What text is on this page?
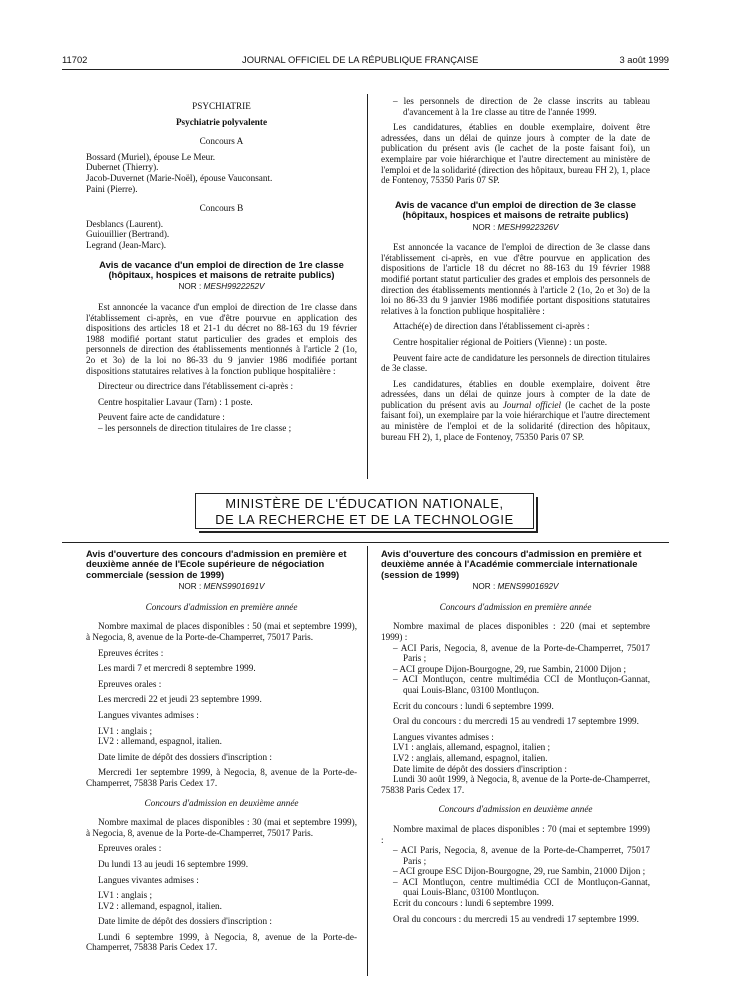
11702	JOURNAL OFFICIEL DE LA RÉPUBLIQUE FRANÇAISE	3 août 1999

PSYCHIATRIE

Psychiatrie polyvalente

Concours A

Bossard (Muriel), épouse Le Meur.

Dubernet (Thierry).

Jacob-Duvernet (Marie-Noël), épouse Vauconsant.

Paini (Pierre).

Concours B

Desblancs (Laurent).

Guiouillier (Bertrand).

Legrand (Jean-Marc).

Avis de vacance d'un emploi de direction de 1re classe (hôpitaux, hospices et maisons de retraite publics)

NOR : MESH9922252V

Est annoncée la vacance d'un emploi de direction de 1re classe dans l'établissement ci-après, en vue d'être pourvue en application des dispositions des articles 18 et 21-1 du décret no 88-163 du 19 février 1988 modifié portant statut particulier des grades et emplois des personnels de direction des établissements mentionnés à l'article 2 (1o, 2o et 3o) de la loi no 86-33 du 9 janvier 1986 modifiée portant dispositions statutaires relatives à la fonction publique hospitalière :

Directeur ou directrice dans l'établissement ci-après :

Centre hospitalier Lavaur (Tarn) : 1 poste.

Peuvent faire acte de candidature :

– les personnels de direction titulaires de 1re classe ;

– les personnels de direction de 2e classe inscrits au tableau d'avancement à la 1re classe au titre de l'année 1999.

Les candidatures, établies en double exemplaire, doivent être adressées, dans un délai de quinze jours à compter de la date de publication du présent avis (le cachet de la poste faisant foi), un exemplaire par voie hiérarchique et l'autre directement au ministère de l'emploi et de la solidarité (direction des hôpitaux, bureau FH 2), 1, place de Fontenoy, 75350 Paris 07 SP.

Avis de vacance d'un emploi de direction de 3e classe (hôpitaux, hospices et maisons de retraite publics)

NOR : MESH9922326V

Est annoncée la vacance de l'emploi de direction de 3e classe dans l'établissement ci-après, en vue d'être pourvue en application des dispositions de l'article 18 du décret no 88-163 du 19 février 1988 modifié portant statut particulier des grades et emplois des personnels de direction des établissements mentionnés à l'article 2 (1o, 2o et 3o) de la loi no 86-33 du 9 janvier 1986 modifiée portant dispositions statutaires relatives à la fonction publique hospitalière :

Attaché(e) de direction dans l'établissement ci-après :

Centre hospitalier régional de Poitiers (Vienne) : un poste.

Peuvent faire acte de candidature les personnels de direction titulaires de 3e classe.

Les candidatures, établies en double exemplaire, doivent être adressées, dans un délai de quinze jours à compter de la date de publication du présent avis au Journal officiel (le cachet de la poste faisant foi), un exemplaire par la voie hiérarchique et l'autre directement au ministère de l'emploi et de la solidarité (direction des hôpitaux, bureau FH 2), 1, place de Fontenoy, 75350 Paris 07 SP.

MINISTÈRE DE L'ÉDUCATION NATIONALE,
DE LA RECHERCHE ET DE LA TECHNOLOGIE

Avis d'ouverture des concours d'admission en première et deuxième année de l'Ecole supérieure de négociation commerciale (session de 1999)

NOR : MENS9901691V

Concours d'admission en première année

Nombre maximal de places disponibles : 50 (mai et septembre 1999), à Negocia, 8, avenue de la Porte-de-Champerret, 75017 Paris.

Epreuves écrites :

Les mardi 7 et mercredi 8 septembre 1999.

Epreuves orales :

Les mercredi 22 et jeudi 23 septembre 1999.

Langues vivantes admises :

LV1 : anglais ;

LV2 : allemand, espagnol, italien.

Date limite de dépôt des dossiers d'inscription :

Mercredi 1er septembre 1999, à Negocia, 8, avenue de la Porte-de-Champerret, 75838 Paris Cedex 17.

Concours d'admission en deuxième année

Nombre maximal de places disponibles : 30 (mai et septembre 1999), à Negocia, 8, avenue de la Porte-de-Champerret, 75017 Paris.

Epreuves orales :

Du lundi 13 au jeudi 16 septembre 1999.

Langues vivantes admises :

LV1 : anglais ;

LV2 : allemand, espagnol, italien.

Date limite de dépôt des dossiers d'inscription :

Lundi 6 septembre 1999, à Negocia, 8, avenue de la Porte-de-Champerret, 75838 Paris Cedex 17.

Avis d'ouverture des concours d'admission en première et deuxième année à l'Académie commerciale internationale (session de 1999)

NOR : MENS9901692V

Concours d'admission en première année

Nombre maximal de places disponibles : 220 (mai et septembre 1999) :

– ACI Paris, Negocia, 8, avenue de la Porte-de-Champerret, 75017 Paris ;

– ACI groupe Dijon-Bourgogne, 29, rue Sambin, 21000 Dijon ;

– ACI Montluçon, centre multimédia CCI de Montluçon-Gannat, quai Louis-Blanc, 03100 Montluçon.

Ecrit du concours : lundi 6 septembre 1999.

Oral du concours : du mercredi 15 au vendredi 17 septembre 1999.

Langues vivantes admises :

LV1 : anglais, allemand, espagnol, italien ;

LV2 : anglais, allemand, espagnol, italien.

Date limite de dépôt des dossiers d'inscription :

Lundi 30 août 1999, à Negocia, 8, avenue de la Porte-de-Champerret, 75838 Paris Cedex 17.

Concours d'admission en deuxième année

Nombre maximal de places disponibles : 70 (mai et septembre 1999) :

– ACI Paris, Negocia, 8, avenue de la Porte-de-Champerret, 75017 Paris ;

– ACI groupe ESC Dijon-Bourgogne, 29, rue Sambin, 21000 Dijon ;

– ACI Montluçon, centre multimédia CCI de Montluçon-Gannat, quai Louis-Blanc, 03100 Montluçon.

Ecrit du concours : lundi 6 septembre 1999.

Oral du concours : du mercredi 15 au vendredi 17 septembre 1999.
